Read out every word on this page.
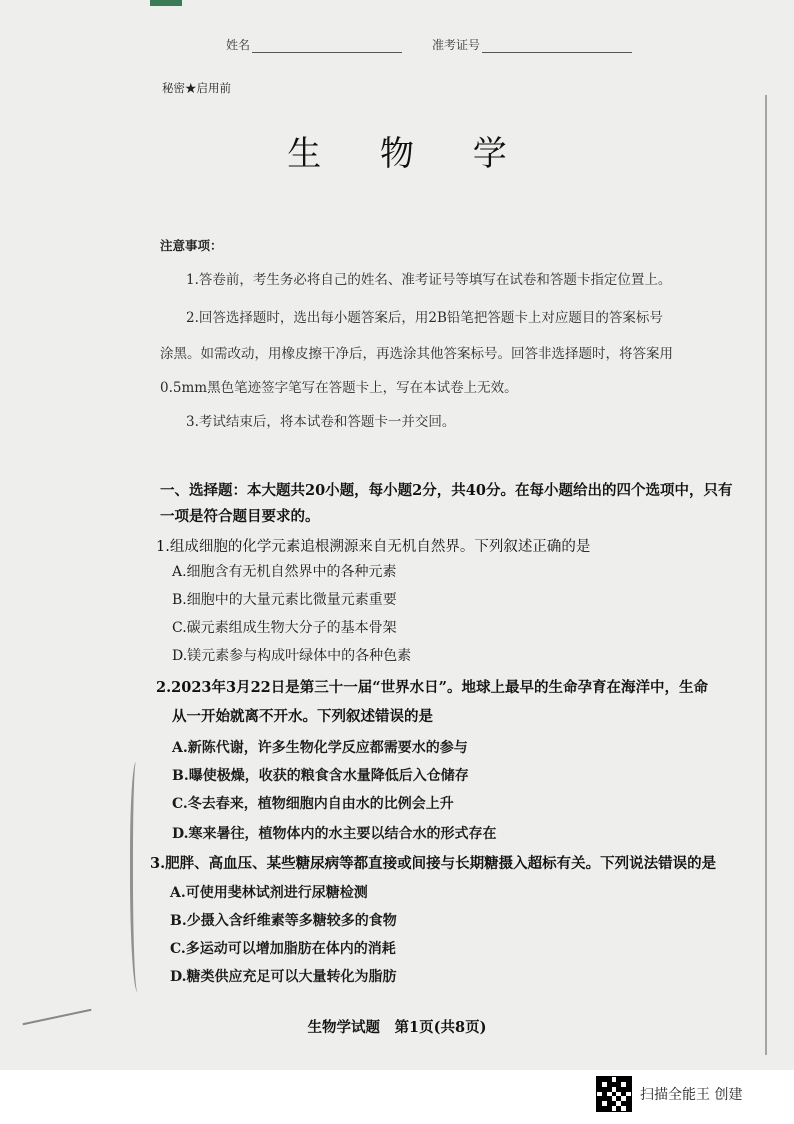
姓名	准考证号
秘密★启用前
生 物 学
注意事项：
1.答卷前，考生务必将自己的姓名、准考证号等填写在试卷和答题卡指定位置上。
2.回答选择题时，选出每小题答案后，用2B铅笔把答题卡上对应题目的答案标号
涂黑。如需改动，用橡皮擦干净后，再选涂其他答案标号。回答非选择题时，将答案用
0.5mm黑色笔迹签字笔写在答题卡上，写在本试卷上无效。
3.考试结束后，将本试卷和答题卡一并交回。
一、选择题：本大题共20小题，每小题2分，共40分。在每小题给出的四个选项中，只有
一项是符合题目要求的。
1.组成细胞的化学元素追根溯源来自无机自然界。下列叙述正确的是
A.细胞含有无机自然界中的各种元素
B.细胞中的大量元素比微量元素重要
C.碳元素组成生物大分子的基本骨架
D.镁元素参与构成叶绿体中的各种色素
2.2023年3月22日是第三十一届“世界水日”。地球上最早的生命孕育在海洋中，生命
从一开始就离不开水。下列叙述错误的是
A.新陈代谢，许多生物化学反应都需要水的参与
B.曝使极燥，收获的粮食含水量降低后入仓储存
C.冬去春来，植物细胞内自由水的比例会上升
D.寒来暑往，植物体内的水主要以结合水的形式存在
3.肥胖、高血压、某些糖尿病等都直接或间接与长期糖摄入超标有关。下列说法错误的是
A.可使用斐林试剂进行尿糖检测
B.少摄入含纤维素等多糖较多的食物
C.多运动可以增加脂肪在体内的消耗
D.糖类供应充足可以大量转化为脂肪
生物学试题　第1页(共8页)
扫描全能王 创建
